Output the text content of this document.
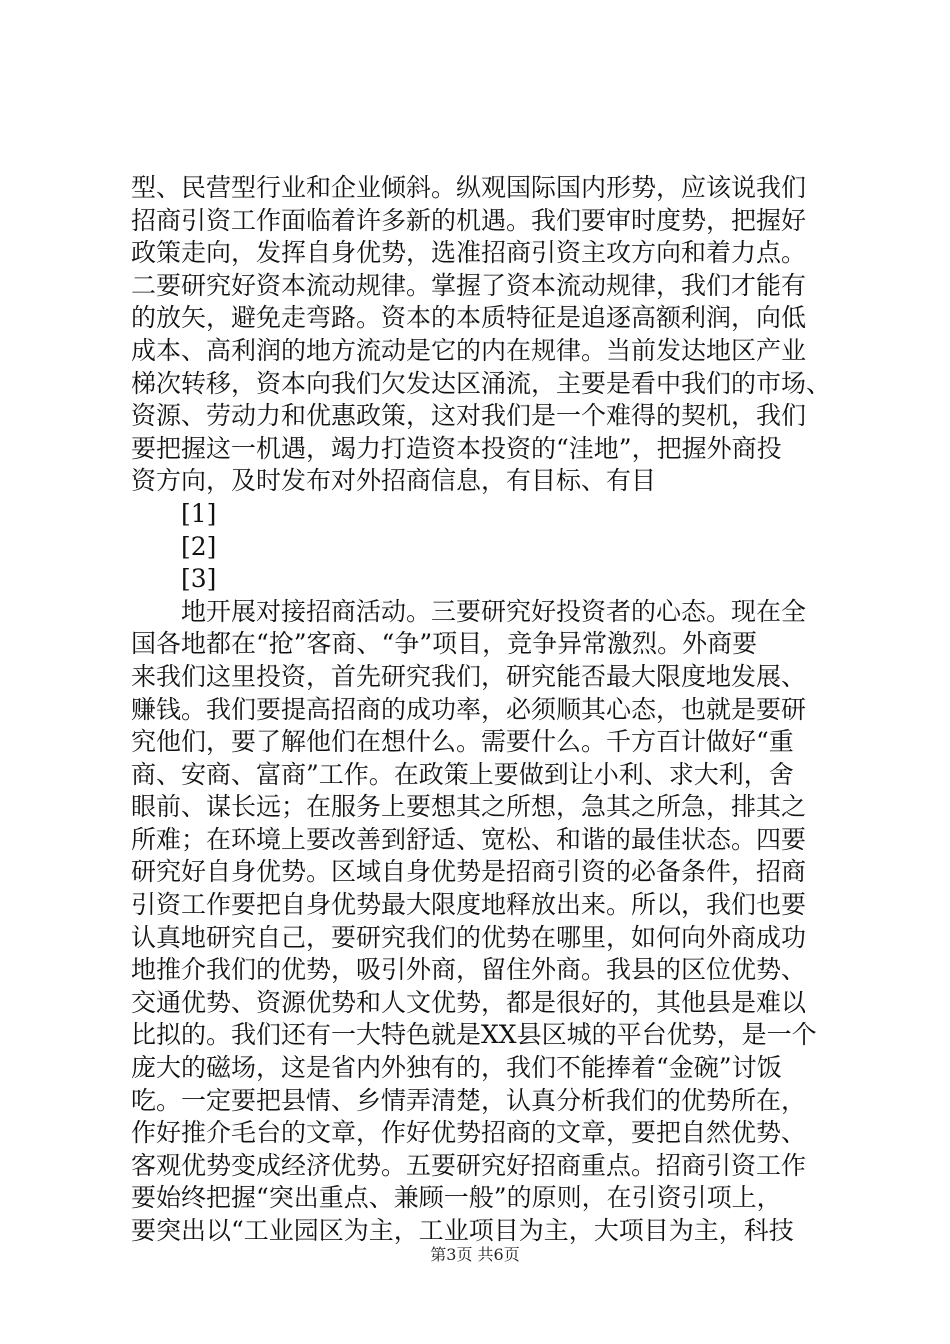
型、民营型行业和企业倾斜。纵观国际国内形势，应该说我们
招商引资工作面临着许多新的机遇。我们要审时度势，把握好
政策走向，发挥自身优势，选准招商引资主攻方向和着力点。
二要研究好资本流动规律。掌握了资本流动规律，我们才能有
的放矢，避免走弯路。资本的本质特征是追逐高额利润，向低
成本、高利润的地方流动是它的内在规律。当前发达地区产业
梯次转移，资本向我们欠发达区涌流，主要是看中我们的市场、
资源、劳动力和优惠政策，这对我们是一个难得的契机，我们
要把握这一机遇，竭力打造资本投资的“洼地”，把握外商投
资方向，及时发布对外招商信息，有目标、有目
[1]
[2]
[3]
地开展对接招商活动。三要研究好投资者的心态。现在全
国各地都在“抢”客商、“争”项目，竞争异常激烈。外商要
来我们这里投资，首先研究我们，研究能否最大限度地发展、
赚钱。我们要提高招商的成功率，必须顺其心态，也就是要研
究他们，要了解他们在想什么。需要什么。千方百计做好“重
商、安商、富商”工作。在政策上要做到让小利、求大利，舍
眼前、谋长远；在服务上要想其之所想，急其之所急，排其之
所难；在环境上要改善到舒适、宽松、和谐的最佳状态。四要
研究好自身优势。区域自身优势是招商引资的必备条件，招商
引资工作要把自身优势最大限度地释放出来。所以，我们也要
认真地研究自己，要研究我们的优势在哪里，如何向外商成功
地推介我们的优势，吸引外商，留住外商。我县的区位优势、
交通优势、资源优势和人文优势，都是很好的，其他县是难以
比拟的。我们还有一大特色就是XX县区城的平台优势，是一个
庞大的磁场，这是省内外独有的，我们不能捧着“金碗”讨饭
吃。一定要把县情、乡情弄清楚，认真分析我们的优势所在，
作好推介毛台的文章，作好优势招商的文章，要把自然优势、
客观优势变成经济优势。五要研究好招商重点。招商引资工作
要始终把握“突出重点、兼顾一般”的原则，在引资引项上，
要突出以“工业园区为主，工业项目为主，大项目为主，科技
第3页 共6页
